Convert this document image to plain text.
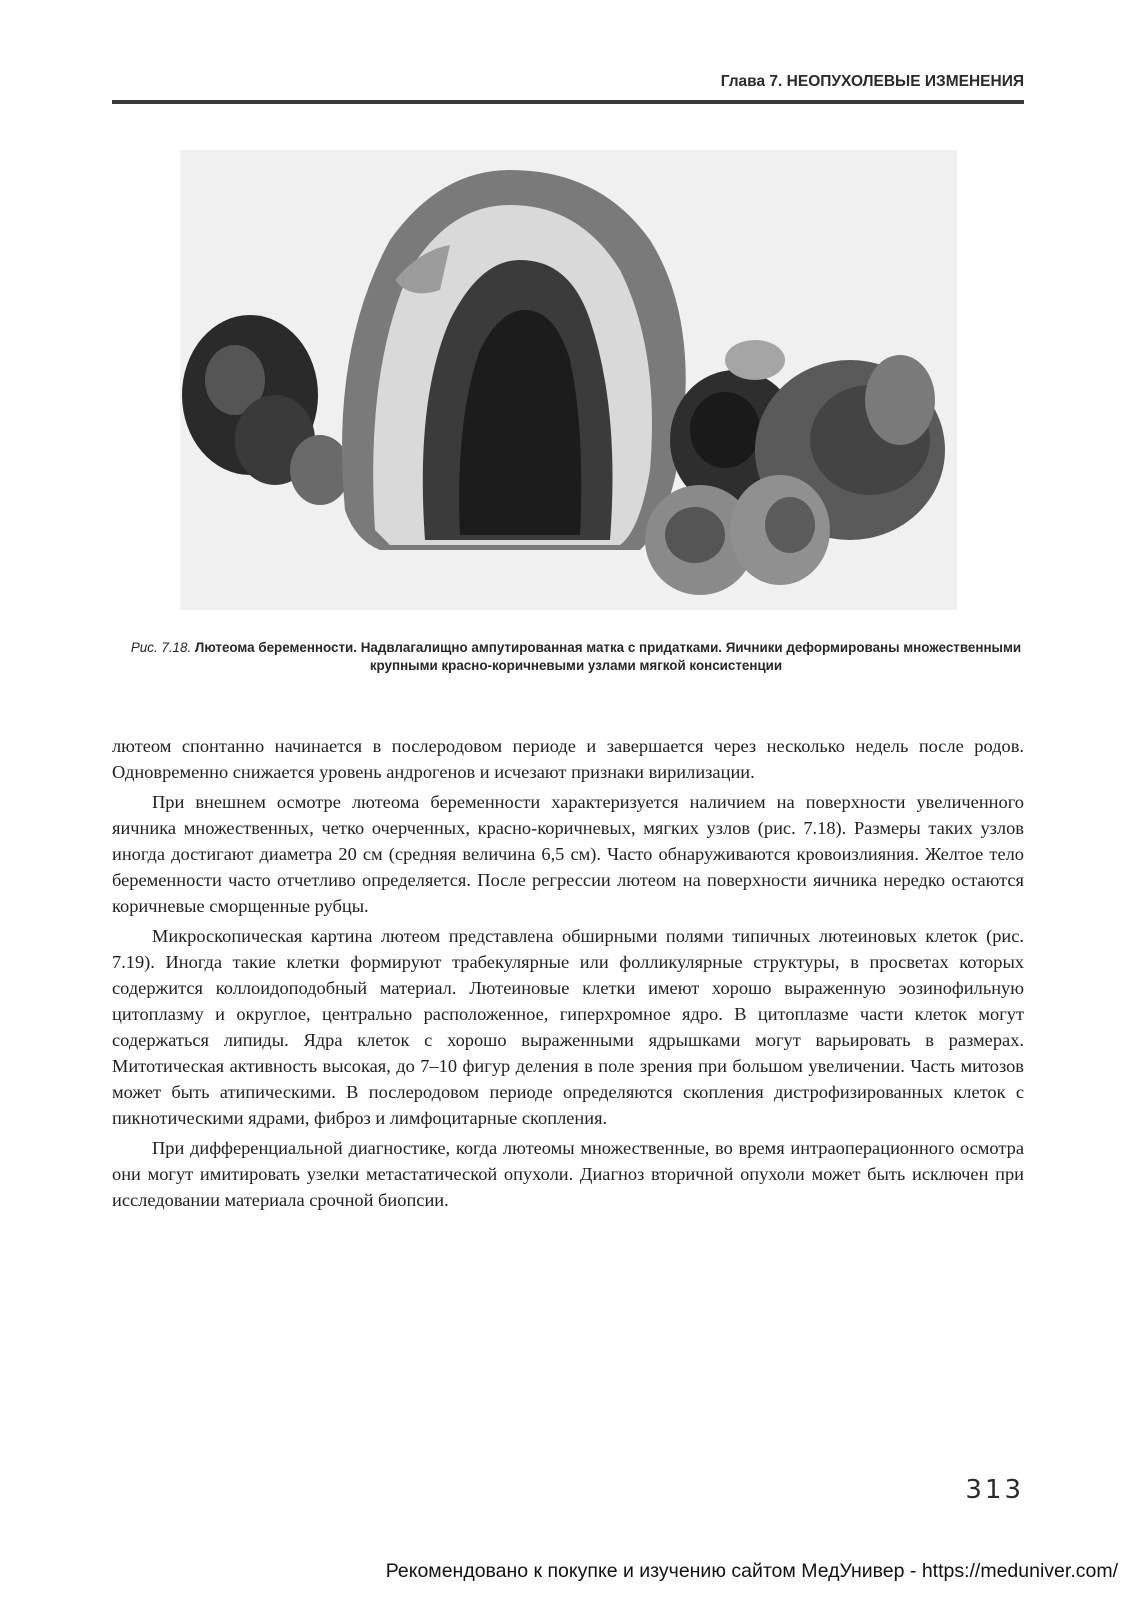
Глава 7. НЕОПУХОЛЕВЫЕ ИЗМЕНЕНИЯ
Рис. 7.18. Лютеома беременности. Надвлагалищно ампутированная матка с придатками. Яичники деформированы множественными крупными красно-коричневыми узлами мягкой консистенции

лютеом спонтанно начинается в послеродовом периоде и завершается через несколько недель после родов. Одновременно снижается уровень андрогенов и исчезают признаки вирилизации.

При внешнем осмотре лютеома беременности характеризуется наличием на поверхности увеличенного яичника множественных, четко очерченных, красно-коричневых, мягких узлов (рис. 7.18). Размеры таких узлов иногда достигают диаметра 20 см (средняя величина 6,5 см). Часто обнаруживаются кровоизлияния. Желтое тело беременности часто отчетливо определяется. После регрессии лютеом на поверхности яичника нередко остаются коричневые сморщенные рубцы.

Микроскопическая картина лютеом представлена обширными полями типичных лютеиновых клеток (рис. 7.19). Иногда такие клетки формируют трабекулярные или фолликулярные структуры, в просветах которых содержится коллоидоподобный материал. Лютеиновые клетки имеют хорошо выраженную эозинофильную цитоплазму и округлое, центрально расположенное, гиперхромное ядро. В цитоплазме части клеток могут содержаться липиды. Ядра клеток с хорошо выраженными ядрышками могут варьировать в размерах. Митотическая активность высокая, до 7–10 фигур деления в поле зрения при большом увеличении. Часть митозов может быть атипическими. В послеродовом периоде определяются скопления дистрофизированных клеток с пикнотическими ядрами, фиброз и лимфоцитарные скопления.

При дифференциальной диагностике, когда лютеомы множественные, во время интраоперационного осмотра они могут имитировать узелки метастатической опухоли. Диагноз вторичной опухоли может быть исключен при исследовании материала срочной биопсии.

313
Рекомендовано к покупке и изучению сайтом МедУнивер - https://meduniver.com/
